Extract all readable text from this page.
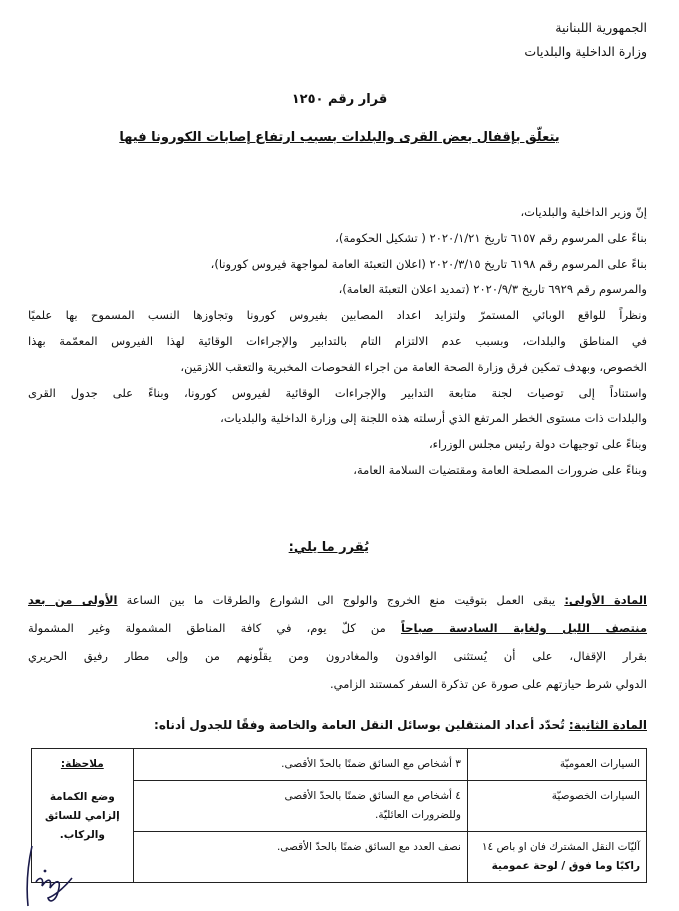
الجمهورية اللبنانية
وزارة الداخلية والبلديات
قرار رقم ١٢٥٠
يتعلّق بإقفال بعض القرى والبلدات بسبب ارتفاع إصابات الكورونا فيها
إنّ وزير الداخلية والبلديات،
بناءً على المرسوم رقم ٦١٥٧ تاريخ ٢٠٢٠/١/٢١ ( تشكيل الحكومة)،
بناءً على المرسوم رقم ٦١٩٨ تاريخ ٢٠٢٠/٣/١٥ (اعلان التعبئة العامة لمواجهة فيروس كورونا)،
والمرسوم رقم ٦٩٢٩ تاريخ ٢٠٢٠/٩/٣ (تمديد اعلان التعبئة العامة)،
ونظراً للواقع الوبائي المستمرّ ولتزايد اعداد المصابين بفيروس كورونا وتجاوزها النسب المسموح بها علميًا
في المناطق والبلدات، وبسبب عدم الالتزام التام بالتدابير والإجراءات الوقائية لهذا الفيروس المعمّمة بهذا
الخصوص، وبهدف تمكين فرق وزارة الصحة العامة من اجراء الفحوصات المخبرية والتعقب اللازمَين،
واستناداً إلى توصيات لجنة متابعة التدابير والإجراءات الوقائية لفيروس كورونا، وبناءً على جدول القرى
والبلدات ذات مستوى الخطر المرتفع الذي أرسلته هذه اللجنة إلى وزارة الداخلية والبلديات،
وبناءً على توجيهات دولة رئيس مجلس الوزراء،
وبناءً على ضرورات المصلحة العامة ومقتضيات السلامة العامة،
يُقرر ما يلي:
المادة الأولى: يبقى العمل بتوقيت منع الخروج والولوج الى الشوارع والطرقات ما بين الساعة الأولى من بعد
منتصف الليل ولغاية السادسة صباحاً من كلّ يوم، في كافة المناطق المشمولة وغير المشمولة
بقرار الإقفال، على أن يُستثنى الوافدون والمغادرون ومن يقلّونهم من وإلى مطار رفيق الحريري
الدولي شرط حيازتهم على صورة عن تذكرة السفر كمستند الزامي.
المادة الثانية: تُحدّد أعداد المنتقلين بوسائل النقل العامة والخاصة وفقًا للجدول أدناه:
السيارات العموميّة	٣ أشخاص مع السائق ضمنًا بالحدّ الأقصى.	ملاحظة:
وضع الكمامة
إلزامي للسائق
والركاب.

السيارات الخصوصيّة	٤ أشخاص مع السائق ضمنًا بالحدّ الأقصى
وللضرورات العائليّة.	

آليّات النقل المشترك فان او باص ١٤
راكبًا وما فوق / لوحة عمومية	نصف العدد مع السائق ضمنًا بالحدّ الأقصى.	
